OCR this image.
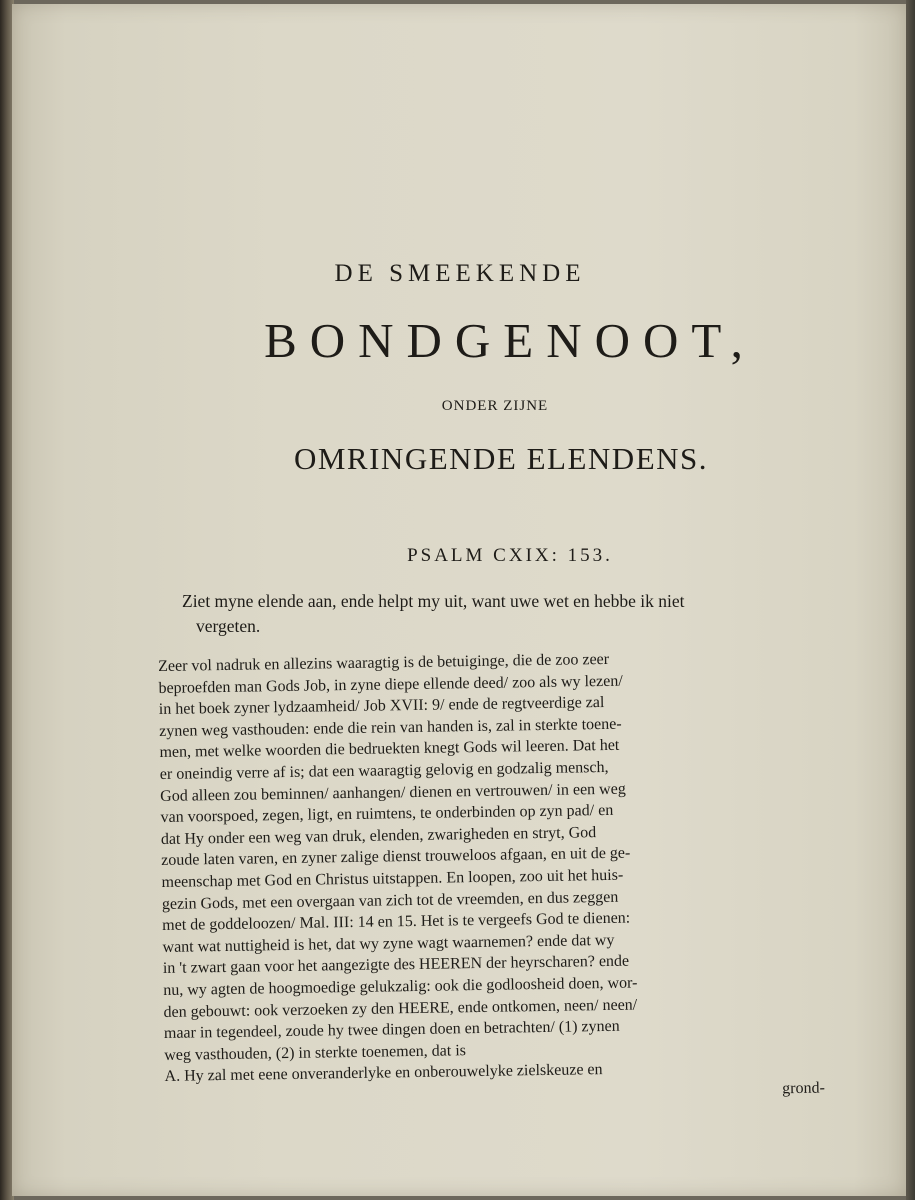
DE SMEEKENDE
BONDGENOOT,
ONDER ZIJNE
OMRINGENDE ELENDENS.
PSALM CXIX: 153.
Ziet myne elende aan, ende helpt my uit, want uwe wet en hebbe ik niet
vergeten.
Zeer vol nadruk en allezins waaragtig is de betuiginge, die de zoo zeer
beproefden man Gods Job, in zyne diepe ellende deed/ zoo als wy lezen/
in het boek zyner lydzaamheid/ Job XVII: 9/ ende de regtveerdige zal
zynen weg vasthouden: ende die rein van handen is, zal in sterkte toene-
men, met welke woorden die bedruekten knegt Gods wil leeren. Dat het
er oneindig verre af is; dat een waaragtig gelovig en godzalig mensch,
God alleen zou beminnen/ aanhangen/ dienen en vertrouwen/ in een weg
van voorspoed, zegen, ligt, en ruimtens, te onderbinden op zyn pad/ en
dat Hy onder een weg van druk, elenden, zwarigheden en stryt, God
zoude laten varen, en zyner zalige dienst trouweloos afgaan, en uit de ge-
meenschap met God en Christus uitstappen. En loopen, zoo uit het huis-
gezin Gods, met een overgaan van zich tot de vreemden, en dus zeggen
met de goddeloozen/ Mal. III: 14 en 15. Het is te vergeefs God te dienen:
want wat nuttigheid is het, dat wy zyne wagt waarnemen? ende dat wy
in 't zwart gaan voor het aangezigte des HEEREN der heyrscharen? ende
nu, wy agten de hoogmoedige gelukzalig: ook die godloosheid doen, wor-
den gebouwt: ook verzoeken zy den HEERE, ende ontkomen, neen/ neen/
maar in tegendeel, zoude hy twee dingen doen en betrachten/ (1) zynen
weg vasthouden, (2) in sterkte toenemen, dat is
A. Hy zal met eene onveranderlyke en onberouwelyke zielskeuze en
grond-
